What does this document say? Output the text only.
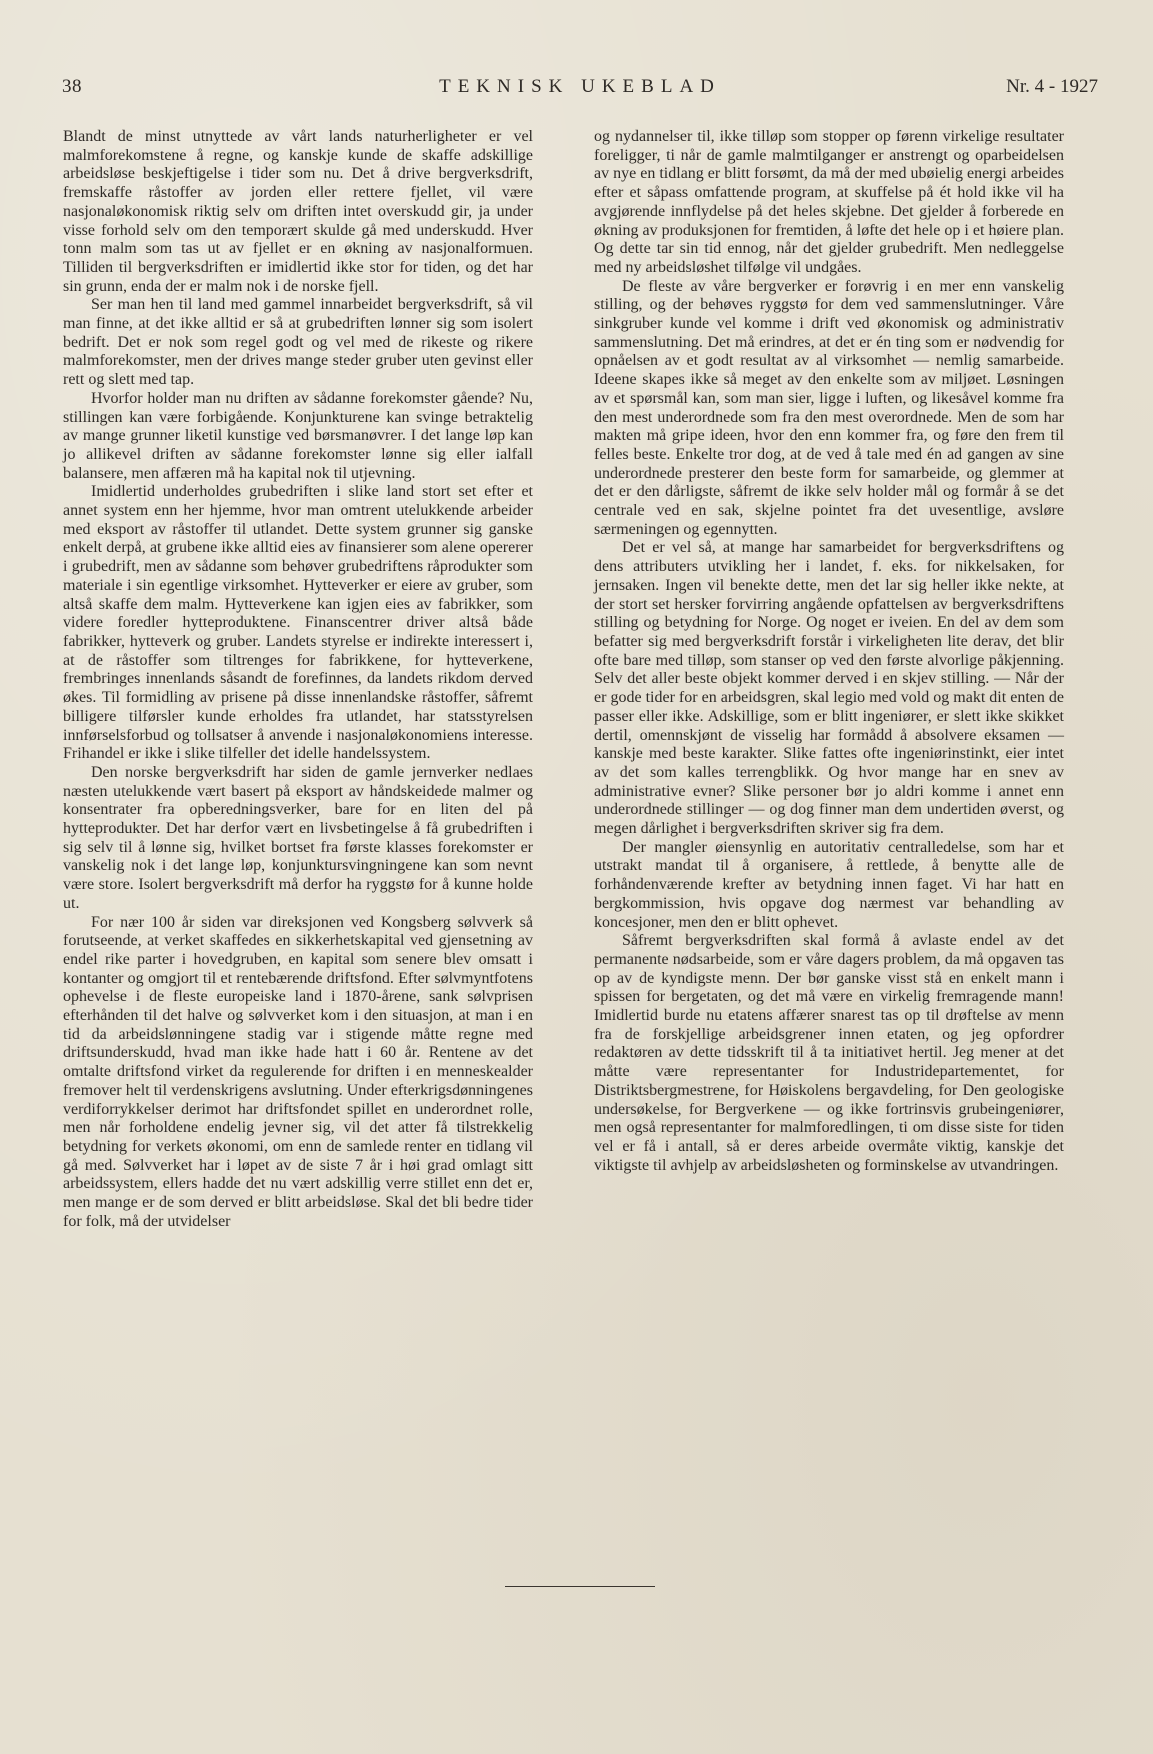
38	TEKNISK UKEBLAD	Nr. 4 - 1927

Blandt de minst utnyttede av vårt lands naturherligheter er vel malmforekomstene å regne, og kanskje kunde de skaffe adskillige arbeidsløse beskjeftigelse i tider som nu. Det å drive bergverksdrift, fremskaffe råstoffer av jorden eller rettere fjellet, vil være nasjonaløkonomisk riktig selv om driften intet overskudd gir, ja under visse forhold selv om den temporært skulde gå med underskudd. Hver tonn malm som tas ut av fjellet er en økning av nasjonalformuen. Tilliden til bergverksdriften er imidlertid ikke stor for tiden, og det har sin grunn, enda der er malm nok i de norske fjell.

Ser man hen til land med gammel innarbeidet bergverksdrift, så vil man finne, at det ikke alltid er så at grubedriften lønner sig som isolert bedrift. Det er nok som regel godt og vel med de rikeste og rikere malmforekomster, men der drives mange steder gruber uten gevinst eller rett og slett med tap.

Hvorfor holder man nu driften av sådanne forekomster gående? Nu, stillingen kan være forbigående. Konjunkturene kan svinge betraktelig av mange grunner liketil kunstige ved børsmanøvrer. I det lange løp kan jo allikevel driften av sådanne forekomster lønne sig eller ialfall balansere, men affæren må ha kapital nok til utjevning.

Imidlertid underholdes grubedriften i slike land stort set efter et annet system enn her hjemme, hvor man omtrent utelukkende arbeider med eksport av råstoffer til utlandet. Dette system grunner sig ganske enkelt derpå, at grubene ikke alltid eies av finansierer som alene opererer i grubedrift, men av sådanne som behøver grubedriftens råprodukter som materiale i sin egentlige virksomhet. Hytteverker er eiere av gruber, som altså skaffe dem malm. Hytteverkene kan igjen eies av fabrikker, som videre foredler hytteproduktene. Finanscentrer driver altså både fabrikker, hytteverk og gruber. Landets styrelse er indirekte interessert i, at de råstoffer som tiltrenges for fabrikkene, for hytteverkene, frembringes innenlands såsandt de forefinnes, da landets rikdom derved økes. Til formidling av prisene på disse innenlandske råstoffer, såfremt billigere tilførsler kunde erholdes fra utlandet, har statsstyrelsen innførselsforbud og tollsatser å anvende i nasjonaløkonomiens interesse. Frihandel er ikke i slike tilfeller det idelle handelssystem.

Den norske bergverksdrift har siden de gamle jernverker nedlaes næsten utelukkende vært basert på eksport av håndskeidede malmer og konsentrater fra opberedningsverker, bare for en liten del på hytteprodukter. Det har derfor vært en livsbetingelse å få grubedriften i sig selv til å lønne sig, hvilket bortset fra første klasses forekomster er vanskelig nok i det lange løp, konjunktursvingningene kan som nevnt være store. Isolert bergverksdrift må derfor ha ryggstø for å kunne holde ut.

For nær 100 år siden var direksjonen ved Kongsberg sølvverk så forutseende, at verket skaffedes en sikkerhetskapital ved gjensetning av endel rike parter i hovedgruben, en kapital som senere blev omsatt i kontanter og omgjort til et rentebærende driftsfond. Efter sølvmyntfotens ophevelse i de fleste europeiske land i 1870-årene, sank sølvprisen efterhånden til det halve og sølvverket kom i den situasjon, at man i en tid da arbeidslønningene stadig var i stigende måtte regne med driftsunderskudd, hvad man ikke hade hatt i 60 år. Rentene av det omtalte driftsfond virket da regulerende for driften i en menneskealder fremover helt til verdenskrigens avslutning. Under efterkrigsdønningenes verdiforrykkelser derimot har driftsfondet spillet en underordnet rolle, men når forholdene endelig jevner sig, vil det atter få tilstrekkelig betydning for verkets økonomi, om enn de samlede renter en tidlang vil gå med. Sølvverket har i løpet av de siste 7 år i høi grad omlagt sitt arbeidssystem, ellers hadde det nu vært adskillig verre stillet enn det er, men mange er de som derved er blitt arbeidsløse. Skal det bli bedre tider for folk, må der utvidelser

og nydannelser til, ikke tilløp som stopper op førenn virkelige resultater foreligger, ti når de gamle malmtilganger er anstrengt og oparbeidelsen av nye en tidlang er blitt forsømt, da må der med ubøielig energi arbeides efter et såpass omfattende program, at skuffelse på ét hold ikke vil ha avgjørende innflydelse på det heles skjebne. Det gjelder å forberede en økning av produksjonen for fremtiden, å løfte det hele op i et høiere plan. Og dette tar sin tid ennog, når det gjelder grubedrift. Men nedleggelse med ny arbeidsløshet tilfølge vil undgåes.

De fleste av våre bergverker er forøvrig i en mer enn vanskelig stilling, og der behøves ryggstø for dem ved sammenslutninger. Våre sinkgruber kunde vel komme i drift ved økonomisk og administrativ sammenslutning. Det må erindres, at det er én ting som er nødvendig for opnåelsen av et godt resultat av al virksomhet — nemlig samarbeide. Ideene skapes ikke så meget av den enkelte som av miljøet. Løsningen av et spørsmål kan, som man sier, ligge i luften, og likesåvel komme fra den mest underordnede som fra den mest overordnede. Men de som har makten må gripe ideen, hvor den enn kommer fra, og føre den frem til felles beste. Enkelte tror dog, at de ved å tale med én ad gangen av sine underordnede presterer den beste form for samarbeide, og glemmer at det er den dårligste, såfremt de ikke selv holder mål og formår å se det centrale ved en sak, skjelne pointet fra det uvesentlige, avsløre særmeningen og egennytten.

Det er vel så, at mange har samarbeidet for bergverksdriftens og dens attributers utvikling her i landet, f. eks. for nikkelsaken, for jernsaken. Ingen vil benekte dette, men det lar sig heller ikke nekte, at der stort set hersker forvirring angående opfattelsen av bergverksdriftens stilling og betydning for Norge. Og noget er iveien. En del av dem som befatter sig med bergverksdrift forstår i virkeligheten lite derav, det blir ofte bare med tilløp, som stanser op ved den første alvorlige påkjenning. Selv det aller beste objekt kommer derved i en skjev stilling. — Når der er gode tider for en arbeidsgren, skal legio med vold og makt dit enten de passer eller ikke. Adskillige, som er blitt ingeniører, er slett ikke skikket dertil, omennskjønt de visselig har formådd å absolvere eksamen — kanskje med beste karakter. Slike fattes ofte ingeniørinstinkt, eier intet av det som kalles terrengblikk. Og hvor mange har en snev av administrative evner? Slike personer bør jo aldri komme i annet enn underordnede stillinger — og dog finner man dem undertiden øverst, og megen dårlighet i bergverksdriften skriver sig fra dem.

Der mangler øiensynlig en autoritativ centralledelse, som har et utstrakt mandat til å organisere, å rettlede, å benytte alle de forhåndenværende krefter av betydning innen faget. Vi har hatt en bergkommission, hvis opgave dog nærmest var behandling av koncesjoner, men den er blitt ophevet.

Såfremt bergverksdriften skal formå å avlaste endel av det permanente nødsarbeide, som er våre dagers problem, da må opgaven tas op av de kyndigste menn. Der bør ganske visst stå en enkelt mann i spissen for bergetaten, og det må være en virkelig fremragende mann! Imidlertid burde nu etatens affærer snarest tas op til drøftelse av menn fra de forskjellige arbeidsgrener innen etaten, og jeg opfordrer redaktøren av dette tidsskrift til å ta initiativet hertil. Jeg mener at det måtte være representanter for Industridepartementet, for Distriktsbergmestrene, for Høiskolens bergavdeling, for Den geologiske undersøkelse, for Bergverkene — og ikke fortrinsvis grubeingeniører, men også representanter for malmforedlingen, ti om disse siste for tiden vel er få i antall, så er deres arbeide overmåte viktig, kanskje det viktigste til avhjelp av arbeidsløsheten og forminskelse av utvandringen.
